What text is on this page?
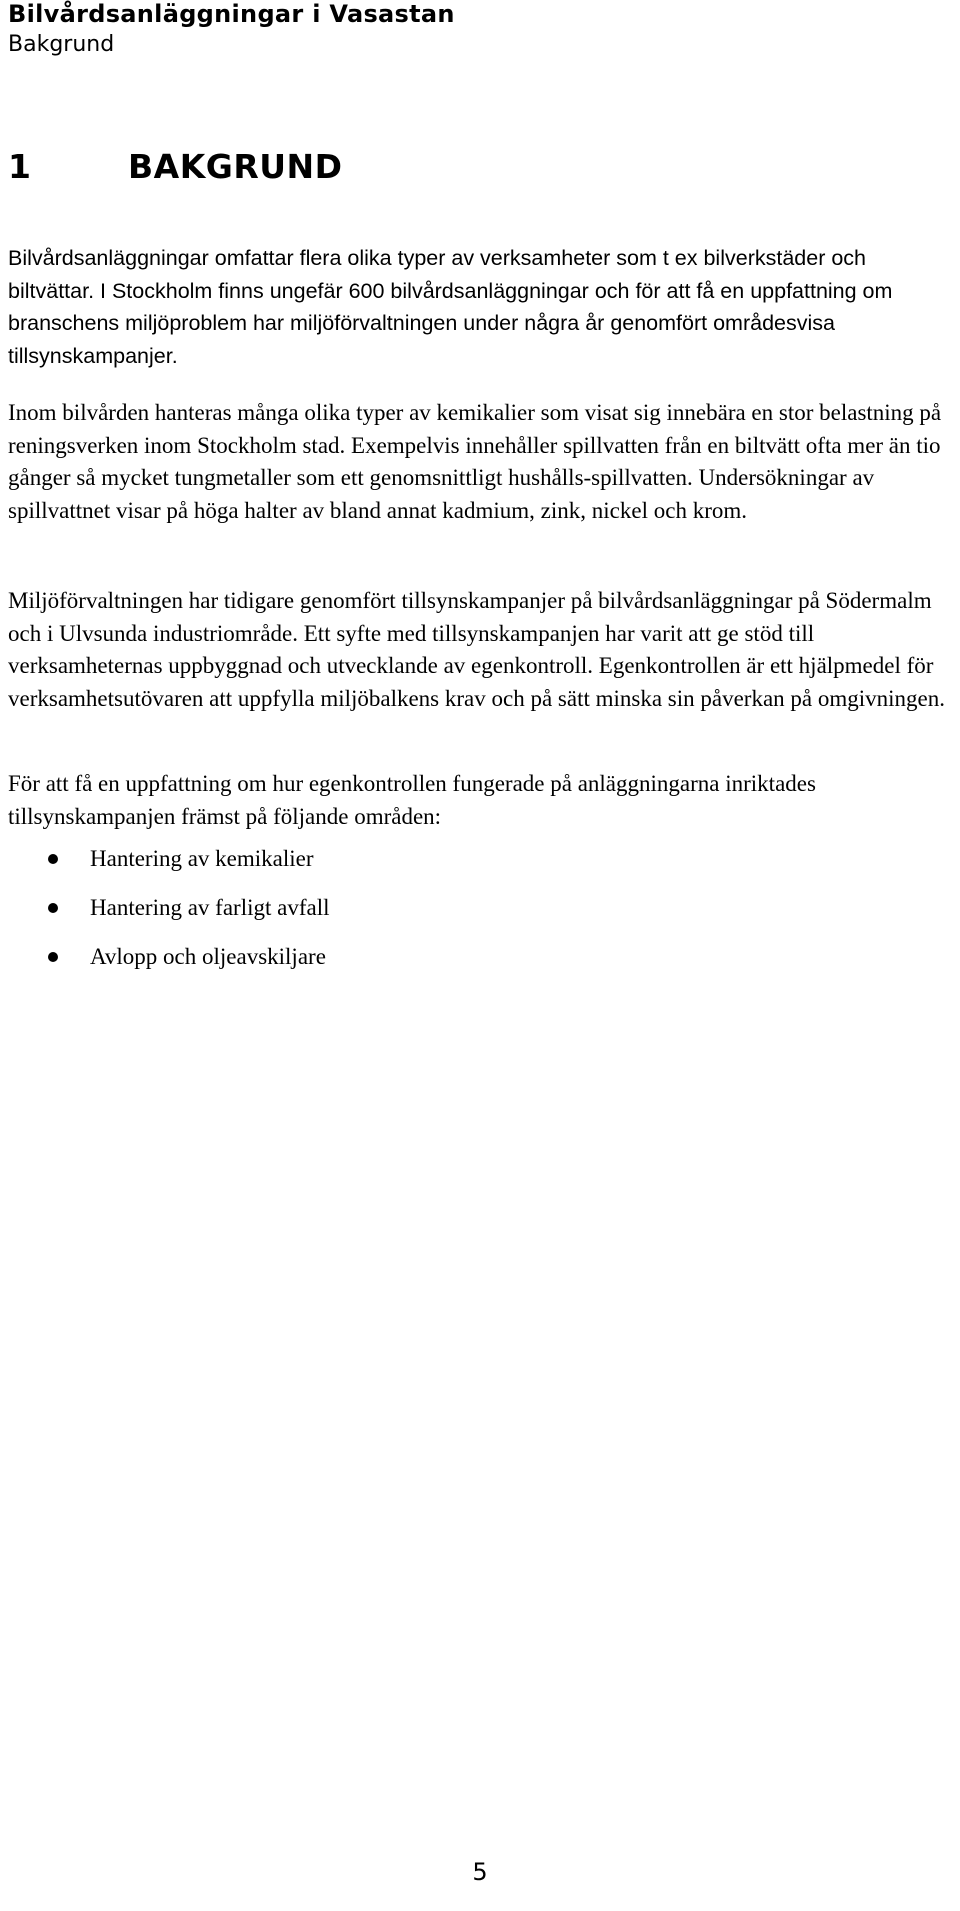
Bilvårdsanläggningar i Vasastan

Bakgrund

1	BAKGRUND

Bilvårdsanläggningar omfattar flera olika typer av verksamheter som t ex bilverkstäder och biltvättar. I Stockholm finns ungefär 600 bilvårdsanläggningar och för att få en uppfattning om branschens miljöproblem har miljöförvaltningen under några år genomfört områdesvisa tillsynskampanjer.

Inom bilvården hanteras många olika typer av kemikalier som visat sig innebära en stor belastning på reningsverken inom Stockholm stad. Exempelvis innehåller spillvatten från en biltvätt ofta mer än tio gånger så mycket tungmetaller som ett genomsnittligt hushålls-spillvatten. Undersökningar av spillvattnet visar på höga halter av bland annat kadmium, zink, nickel och krom.

Miljöförvaltningen har tidigare genomfört tillsynskampanjer på bilvårdsanläggningar på Södermalm och i Ulvsunda industriområde. Ett syfte med tillsynskampanjen har varit att ge stöd till verksamheternas uppbyggnad och utvecklande av egenkontroll. Egenkontrollen är ett hjälpmedel för verksamhetsutövaren att uppfylla miljöbalkens krav och på sätt minska sin påverkan på omgivningen.

För att få en uppfattning om hur egenkontrollen fungerade på anläggningarna inriktades tillsynskampanjen främst på följande områden:

Hantering av kemikalier
Hantering av farligt avfall
Avlopp och oljeavskiljare

5
